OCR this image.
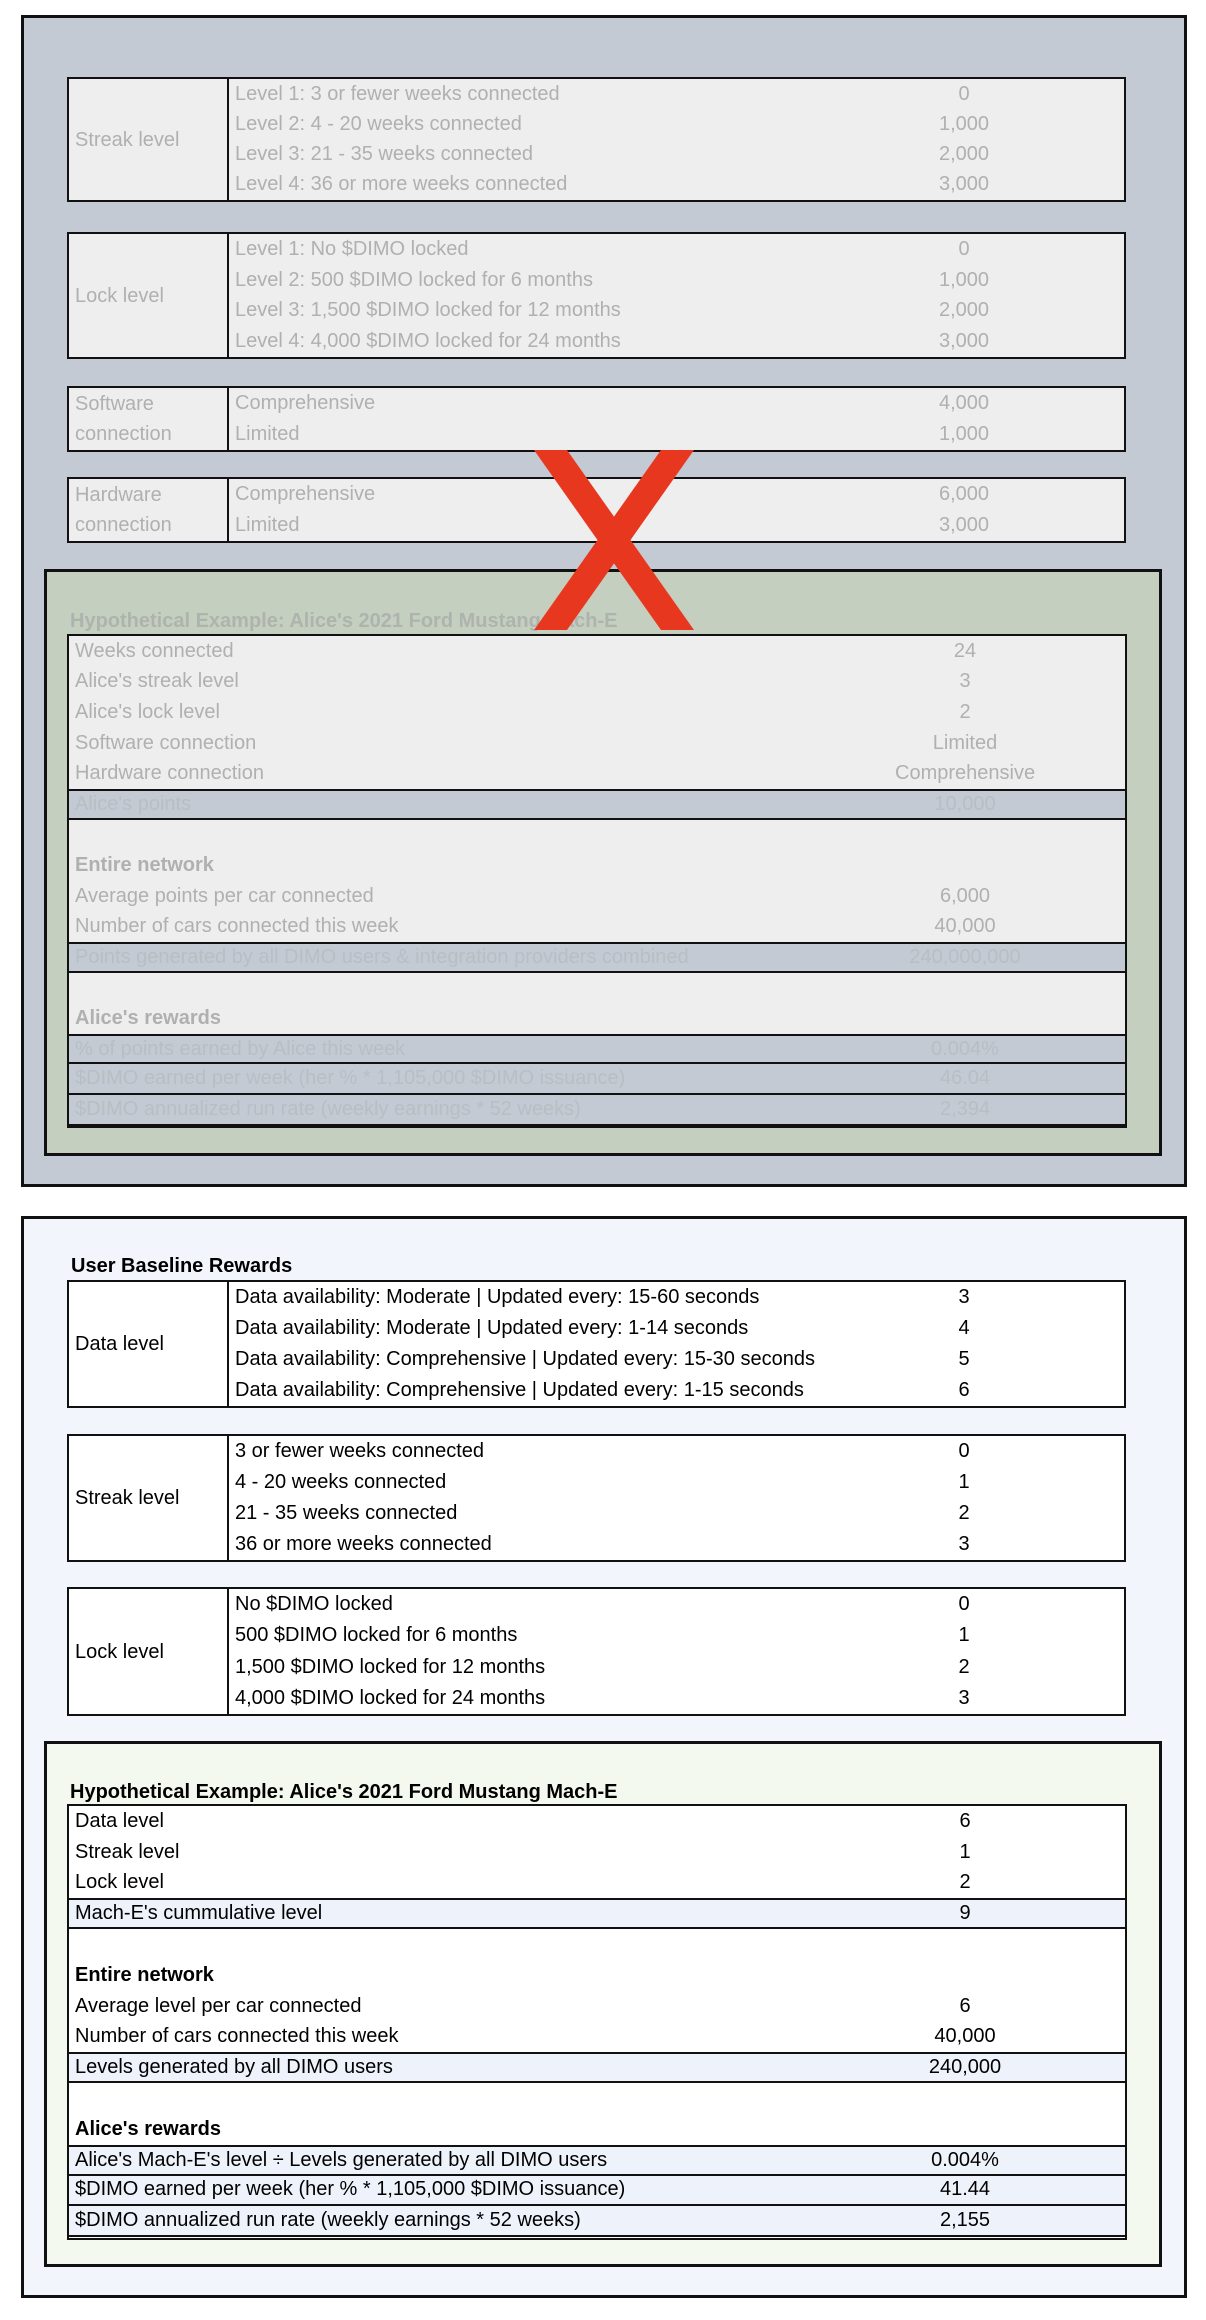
Streak level
Level 1: 3 or fewer weeks connected	0
Level 2: 4 - 20 weeks connected	1,000
Level 3: 21 - 35 weeks connected	2,000
Level 4: 36 or more weeks connected	3,000
Lock level
Level 1: No $DIMO locked	0
Level 2: 500 $DIMO locked for 6 months	1,000
Level 3: 1,500 $DIMO locked for 12 months	2,000
Level 4: 4,000 $DIMO locked for 24 months	3,000
Software connection
Comprehensive	4,000
Limited	1,000
Hardware connection
Comprehensive	6,000
Limited	3,000
Hypothetical Example: Alice's 2021 Ford Mustang Mach-E
Weeks connected	24
Alice's streak level	3
Alice's lock level	2
Software connection	Limited
Hardware connection	Comprehensive
Alice's points	10,000
Entire network
Average points per car connected	6,000
Number of cars connected this week	40,000
Points generated by all DIMO users & integration providers combined	240,000,000
Alice's rewards
% of points earned by Alice this week	0.004%
$DIMO earned per week (her % * 1,105,000 $DIMO issuance)	46.04
$DIMO annualized run rate (weekly earnings * 52 weeks)	2,394
User Baseline Rewards
Data level
Data availability: Moderate | Updated every: 15-60 seconds	3
Data availability: Moderate | Updated every: 1-14 seconds	4
Data availability: Comprehensive | Updated every: 15-30 seconds	5
Data availability: Comprehensive | Updated every: 1-15 seconds	6
Streak level
3 or fewer weeks connected	0
4 - 20 weeks connected	1
21 - 35 weeks connected	2
36 or more weeks connected	3
Lock level
No $DIMO locked	0
500 $DIMO locked for 6 months	1
1,500 $DIMO locked for 12 months	2
4,000 $DIMO locked for 24 months	3
Hypothetical Example: Alice's 2021 Ford Mustang Mach-E
Data level	6
Streak level	1
Lock level	2
Mach-E's cummulative level	9
Entire network
Average level per car connected	6
Number of cars connected this week	40,000
Levels generated by all DIMO users	240,000
Alice's rewards
Alice's Mach-E's level ÷ Levels generated by all DIMO users	0.004%
$DIMO earned per week (her % * 1,105,000 $DIMO issuance)	41.44
$DIMO annualized run rate (weekly earnings * 52 weeks)	2,155
